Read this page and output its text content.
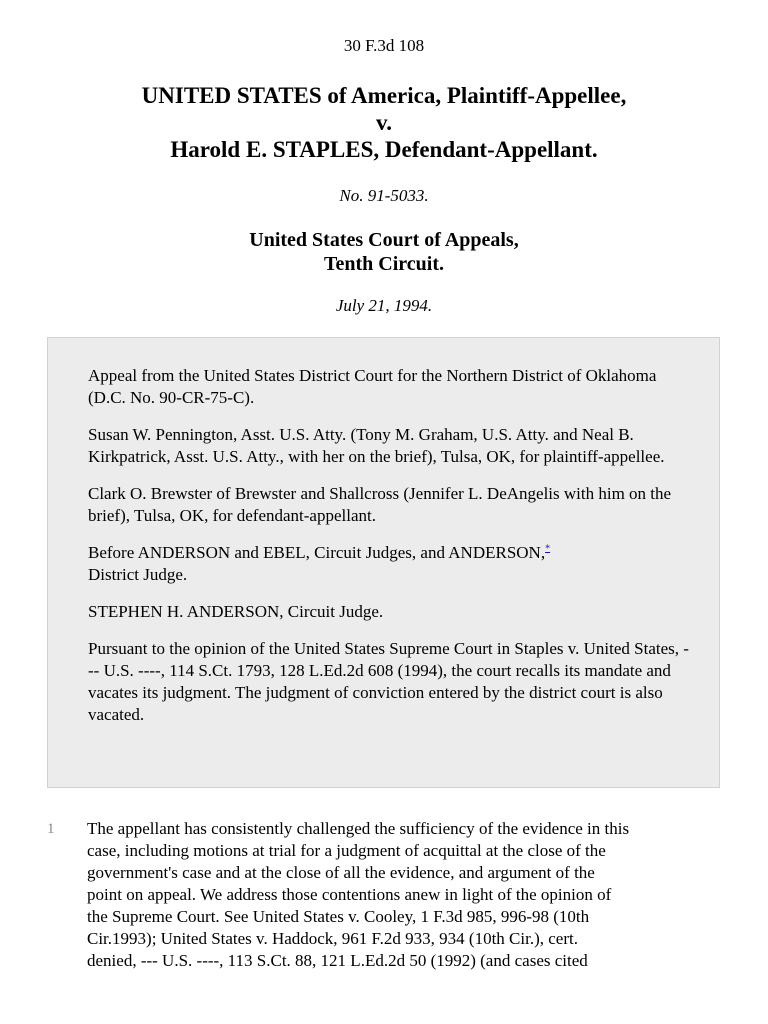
30 F.3d 108
UNITED STATES of America, Plaintiff-Appellee,
v.
Harold E. STAPLES, Defendant-Appellant.
No. 91-5033.
United States Court of Appeals,
Tenth Circuit.
July 21, 1994.

Appeal from the United States District Court for the Northern District of Oklahoma (D.C. No. 90-CR-75-C).

Susan W. Pennington, Asst. U.S. Atty. (Tony M. Graham, U.S. Atty. and Neal B. Kirkpatrick, Asst. U.S. Atty., with her on the brief), Tulsa, OK, for plaintiff-appellee.

Clark O. Brewster of Brewster and Shallcross (Jennifer L. DeAngelis with him on the brief), Tulsa, OK, for defendant-appellant.

Before ANDERSON and EBEL, Circuit Judges, and ANDERSON,*
District Judge.

STEPHEN H. ANDERSON, Circuit Judge.

Pursuant to the opinion of the United States Supreme Court in Staples v. United States, --- U.S. ----, 114 S.Ct. 1793, 128 L.Ed.2d 608 (1994), the court recalls its mandate and vacates its judgment. The judgment of conviction entered by the district court is also vacated.

1 The appellant has consistently challenged the sufficiency of the evidence in this
case, including motions at trial for a judgment of acquittal at the close of the
government's case and at the close of all the evidence, and argument of the
point on appeal. We address those contentions anew in light of the opinion of
the Supreme Court. See United States v. Cooley, 1 F.3d 985, 996-98 (10th
Cir.1993); United States v. Haddock, 961 F.2d 933, 934 (10th Cir.), cert.
denied, --- U.S. ----, 113 S.Ct. 88, 121 L.Ed.2d 50 (1992) (and cases cited
